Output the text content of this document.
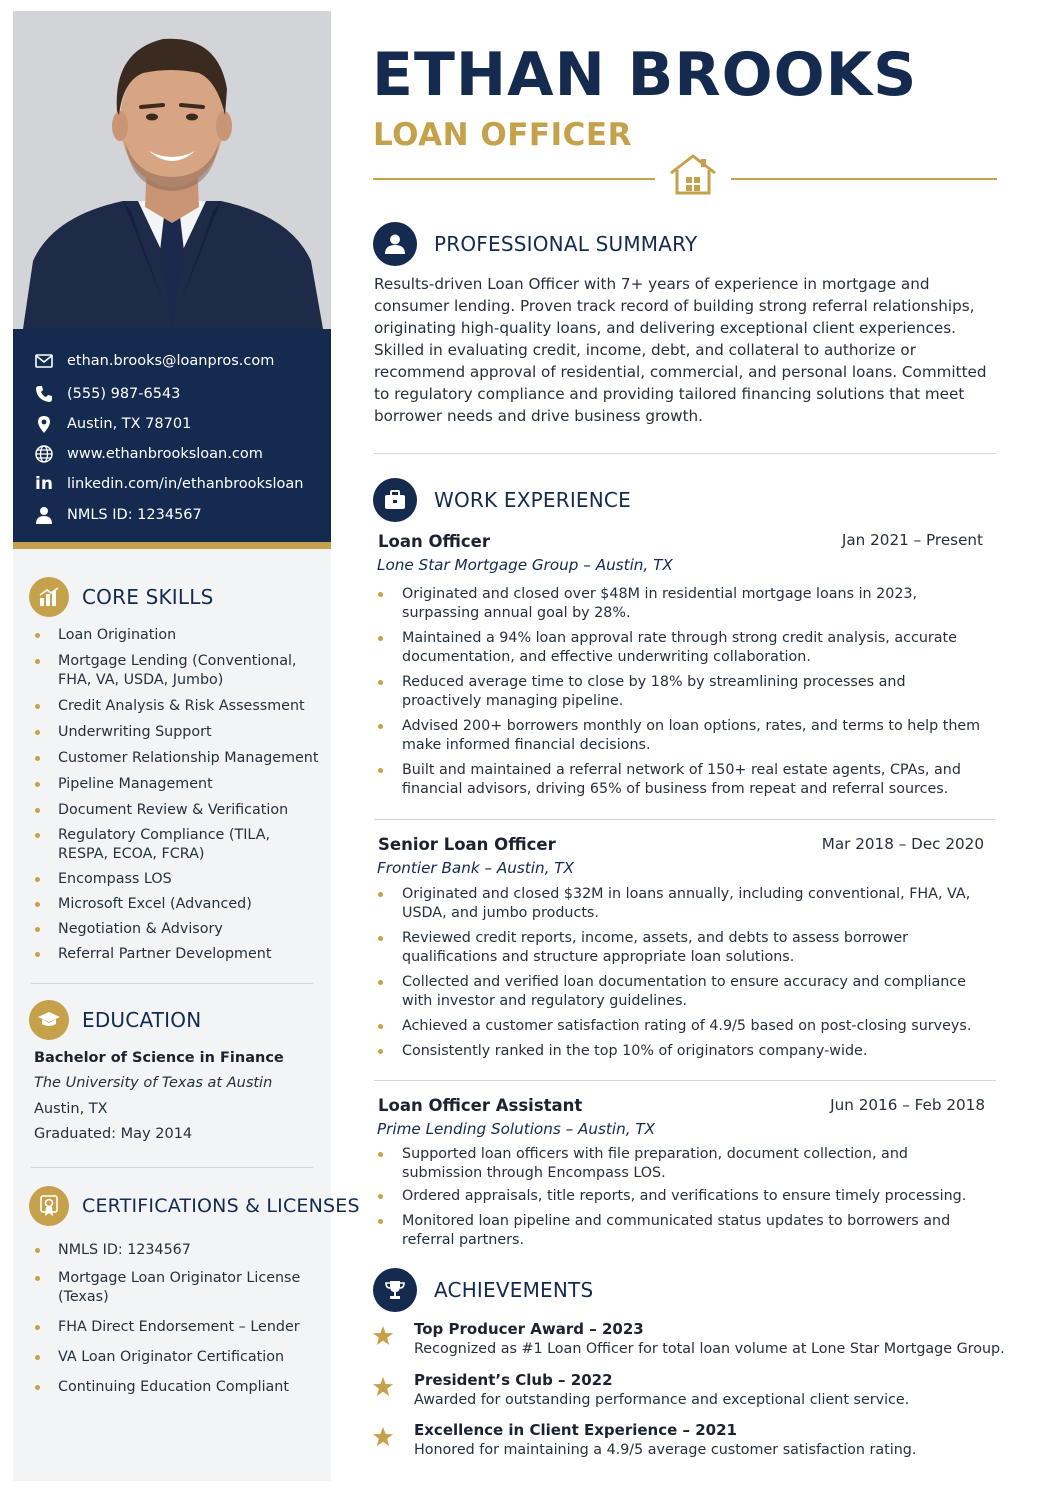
ethan.brooks@loanpros.com
(555) 987-6543
Austin, TX 78701
www.ethanbrooksloan.com
in linkedin.com/in/ethanbrooksloan
NMLS ID: 1234567
CORE SKILLS
Loan Origination
Mortgage Lending (Conventional, FHA, VA, USDA, Jumbo)
Credit Analysis & Risk Assessment
Underwriting Support
Customer Relationship Management
Pipeline Management
Document Review & Verification
Regulatory Compliance (TILA, RESPA, ECOA, FCRA)
Encompass LOS
Microsoft Excel (Advanced)
Negotiation & Advisory
Referral Partner Development
EDUCATION
Bachelor of Science in Finance
The University of Texas at Austin
Austin, TX
Graduated: May 2014
CERTIFICATIONS & LICENSES
NMLS ID: 1234567
Mortgage Loan Originator License (Texas)
FHA Direct Endorsement – Lender
VA Loan Originator Certification
Continuing Education Compliant
ETHAN BROOKS
LOAN OFFICER
PROFESSIONAL SUMMARY

Results-driven Loan Officer with 7+ years of experience in mortgage and consumer lending. Proven track record of building strong referral relationships, originating high-quality loans, and delivering exceptional client experiences. Skilled in evaluating credit, income, debt, and collateral to authorize or recommend approval of residential, commercial, and personal loans. Committed to regulatory compliance and providing tailored financing solutions that meet borrower needs and drive business growth.

WORK EXPERIENCE
Loan Officer	Jan 2021 – Present
Lone Star Mortgage Group – Austin, TX
Originated and closed over $48M in residential mortgage loans in 2023, surpassing annual goal by 28%.
Maintained a 94% loan approval rate through strong credit analysis, accurate documentation, and effective underwriting collaboration.
Reduced average time to close by 18% by streamlining processes and proactively managing pipeline.
Advised 200+ borrowers monthly on loan options, rates, and terms to help them make informed financial decisions.
Built and maintained a referral network of 150+ real estate agents, CPAs, and financial advisors, driving 65% of business from repeat and referral sources.
Senior Loan Officer	Mar 2018 – Dec 2020
Frontier Bank – Austin, TX
Originated and closed $32M in loans annually, including conventional, FHA, VA, USDA, and jumbo products.
Reviewed credit reports, income, assets, and debts to assess borrower qualifications and structure appropriate loan solutions.
Collected and verified loan documentation to ensure accuracy and compliance with investor and regulatory guidelines.
Achieved a customer satisfaction rating of 4.9/5 based on post-closing surveys.
Consistently ranked in the top 10% of originators company-wide.
Loan Officer Assistant	Jun 2016 – Feb 2018
Prime Lending Solutions – Austin, TX
Supported loan officers with file preparation, document collection, and submission through Encompass LOS.
Ordered appraisals, title reports, and verifications to ensure timely processing.
Monitored loan pipeline and communicated status updates to borrowers and referral partners.
ACHIEVEMENTS
Top Producer Award – 2023
Recognized as #1 Loan Officer for total loan volume at Lone Star Mortgage Group.
President’s Club – 2022
Awarded for outstanding performance and exceptional client service.
Excellence in Client Experience – 2021
Honored for maintaining a 4.9/5 average customer satisfaction rating.
